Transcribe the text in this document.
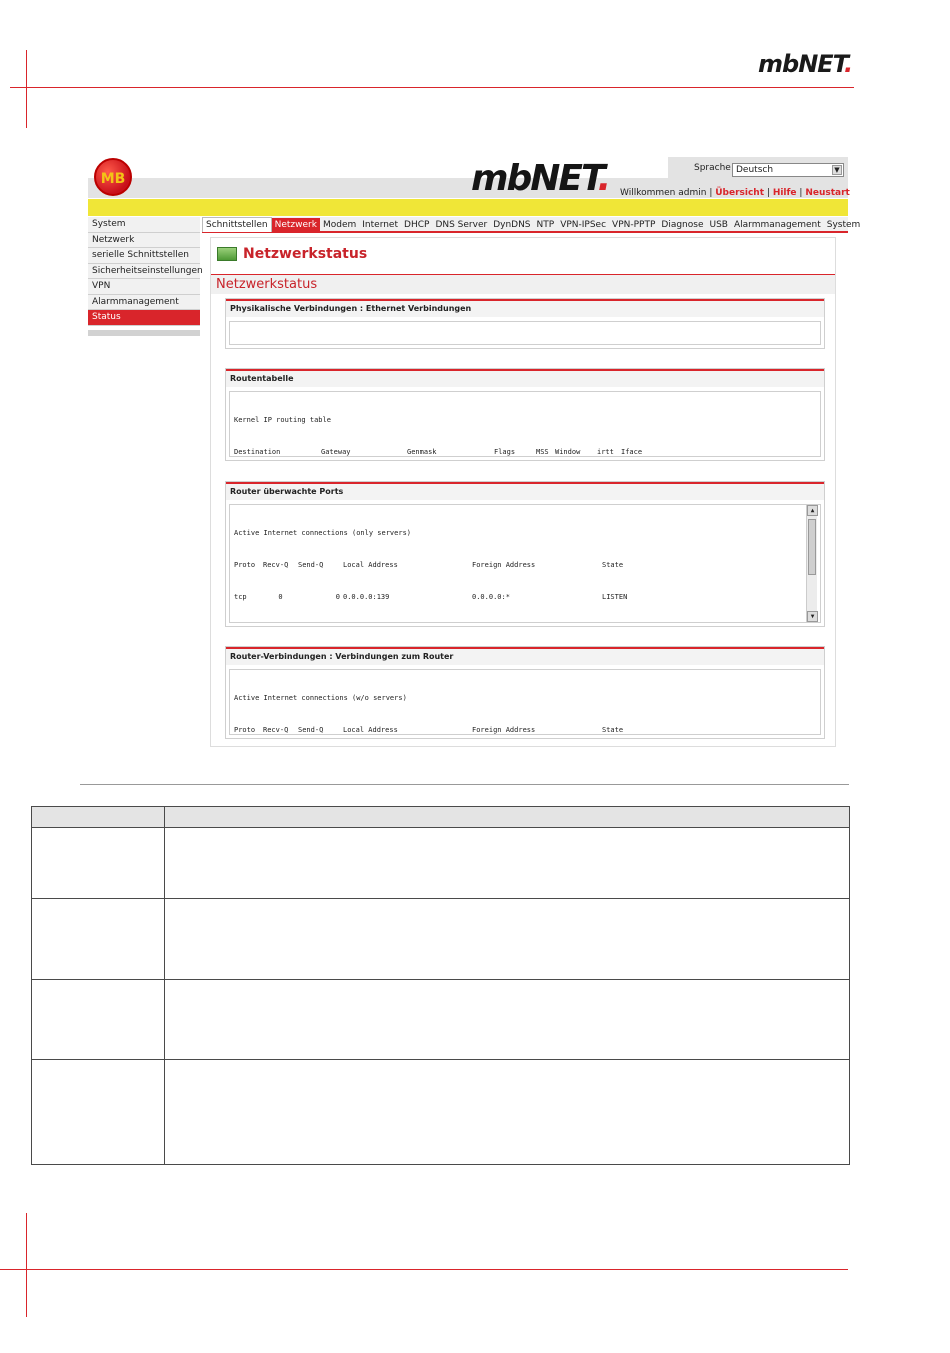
mbNET.
MB	mbNET.	Sprache Deutsch	▼
Willkommen admin | Übersicht | Hilfe | Neustart
System
Netzwerk
serielle Schnittstellen
Sicherheitseinstellungen
VPN
Alarmmanagement
Status
Schnittstellen Netzwerk Modem Internet DHCP DNS Server DynDNS NTP VPN-IPSec VPN-PPTP Diagnose USB Alarmmanagement System
Netzwerkstatus
Netzwerkstatus
Physikalische Verbindungen : Ethernet Verbindungen

Routentabelle

Kernel IP routing table

Destination	Gateway	Genmask	Flags	MSS Window	irtt	Iface

Router überwachte Ports

Active Internet connections (only servers)

Proto	Recv-Q	Send-Q	Local Address	Foreign Address	State

tcp	0	0 0.0.0.0:139	0.0.0.0:*	LISTEN

▲

▼

Router-Verbindungen : Verbindungen zum Router

Active Internet connections (w/o servers)

Proto	Recv-Q	Send-Q	Local Address	Foreign Address	State
